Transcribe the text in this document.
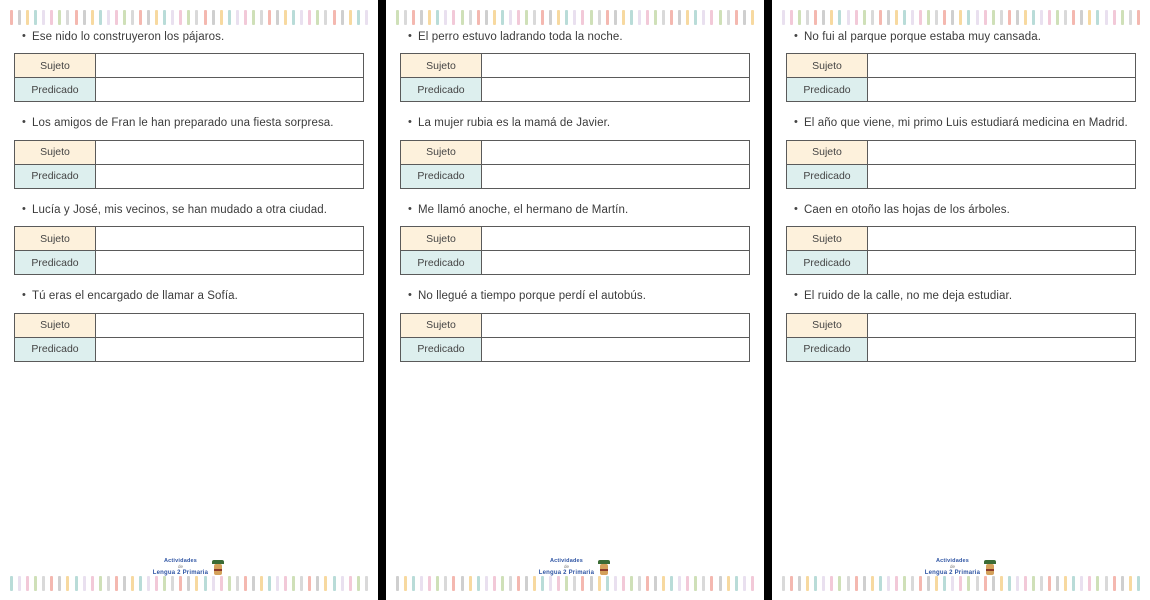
• Ese nido lo construyeron los pájaros.
Sujeto	
Predicado	
• Los amigos de Fran le han preparado una fiesta sorpresa.
Sujeto	
Predicado	
• Lucía y José, mis vecinos, se han mudado a otra ciudad.
Sujeto	
Predicado	
• Tú eras el encargado de llamar a Sofía.
Sujeto	
Predicado	
Actividades
de
Lengua 2 Primaria
• El perro estuvo ladrando toda la noche.
Sujeto	
Predicado	
• La mujer rubia es la mamá de Javier.
Sujeto	
Predicado	
• Me llamó anoche, el hermano de Martín.
Sujeto	
Predicado	
• No llegué a tiempo porque perdí el autobús.
Sujeto	
Predicado	
Actividades
de
Lengua 2 Primaria
• No fui al parque porque estaba muy cansada.
Sujeto	
Predicado	
• El año que viene, mi primo Luis estudiará medicina en Madrid.
Sujeto	
Predicado	
• Caen en otoño las hojas de los árboles.
Sujeto	
Predicado	
• El ruido de la calle, no me deja estudiar.
Sujeto	
Predicado	
Actividades
de
Lengua 2 Primaria
